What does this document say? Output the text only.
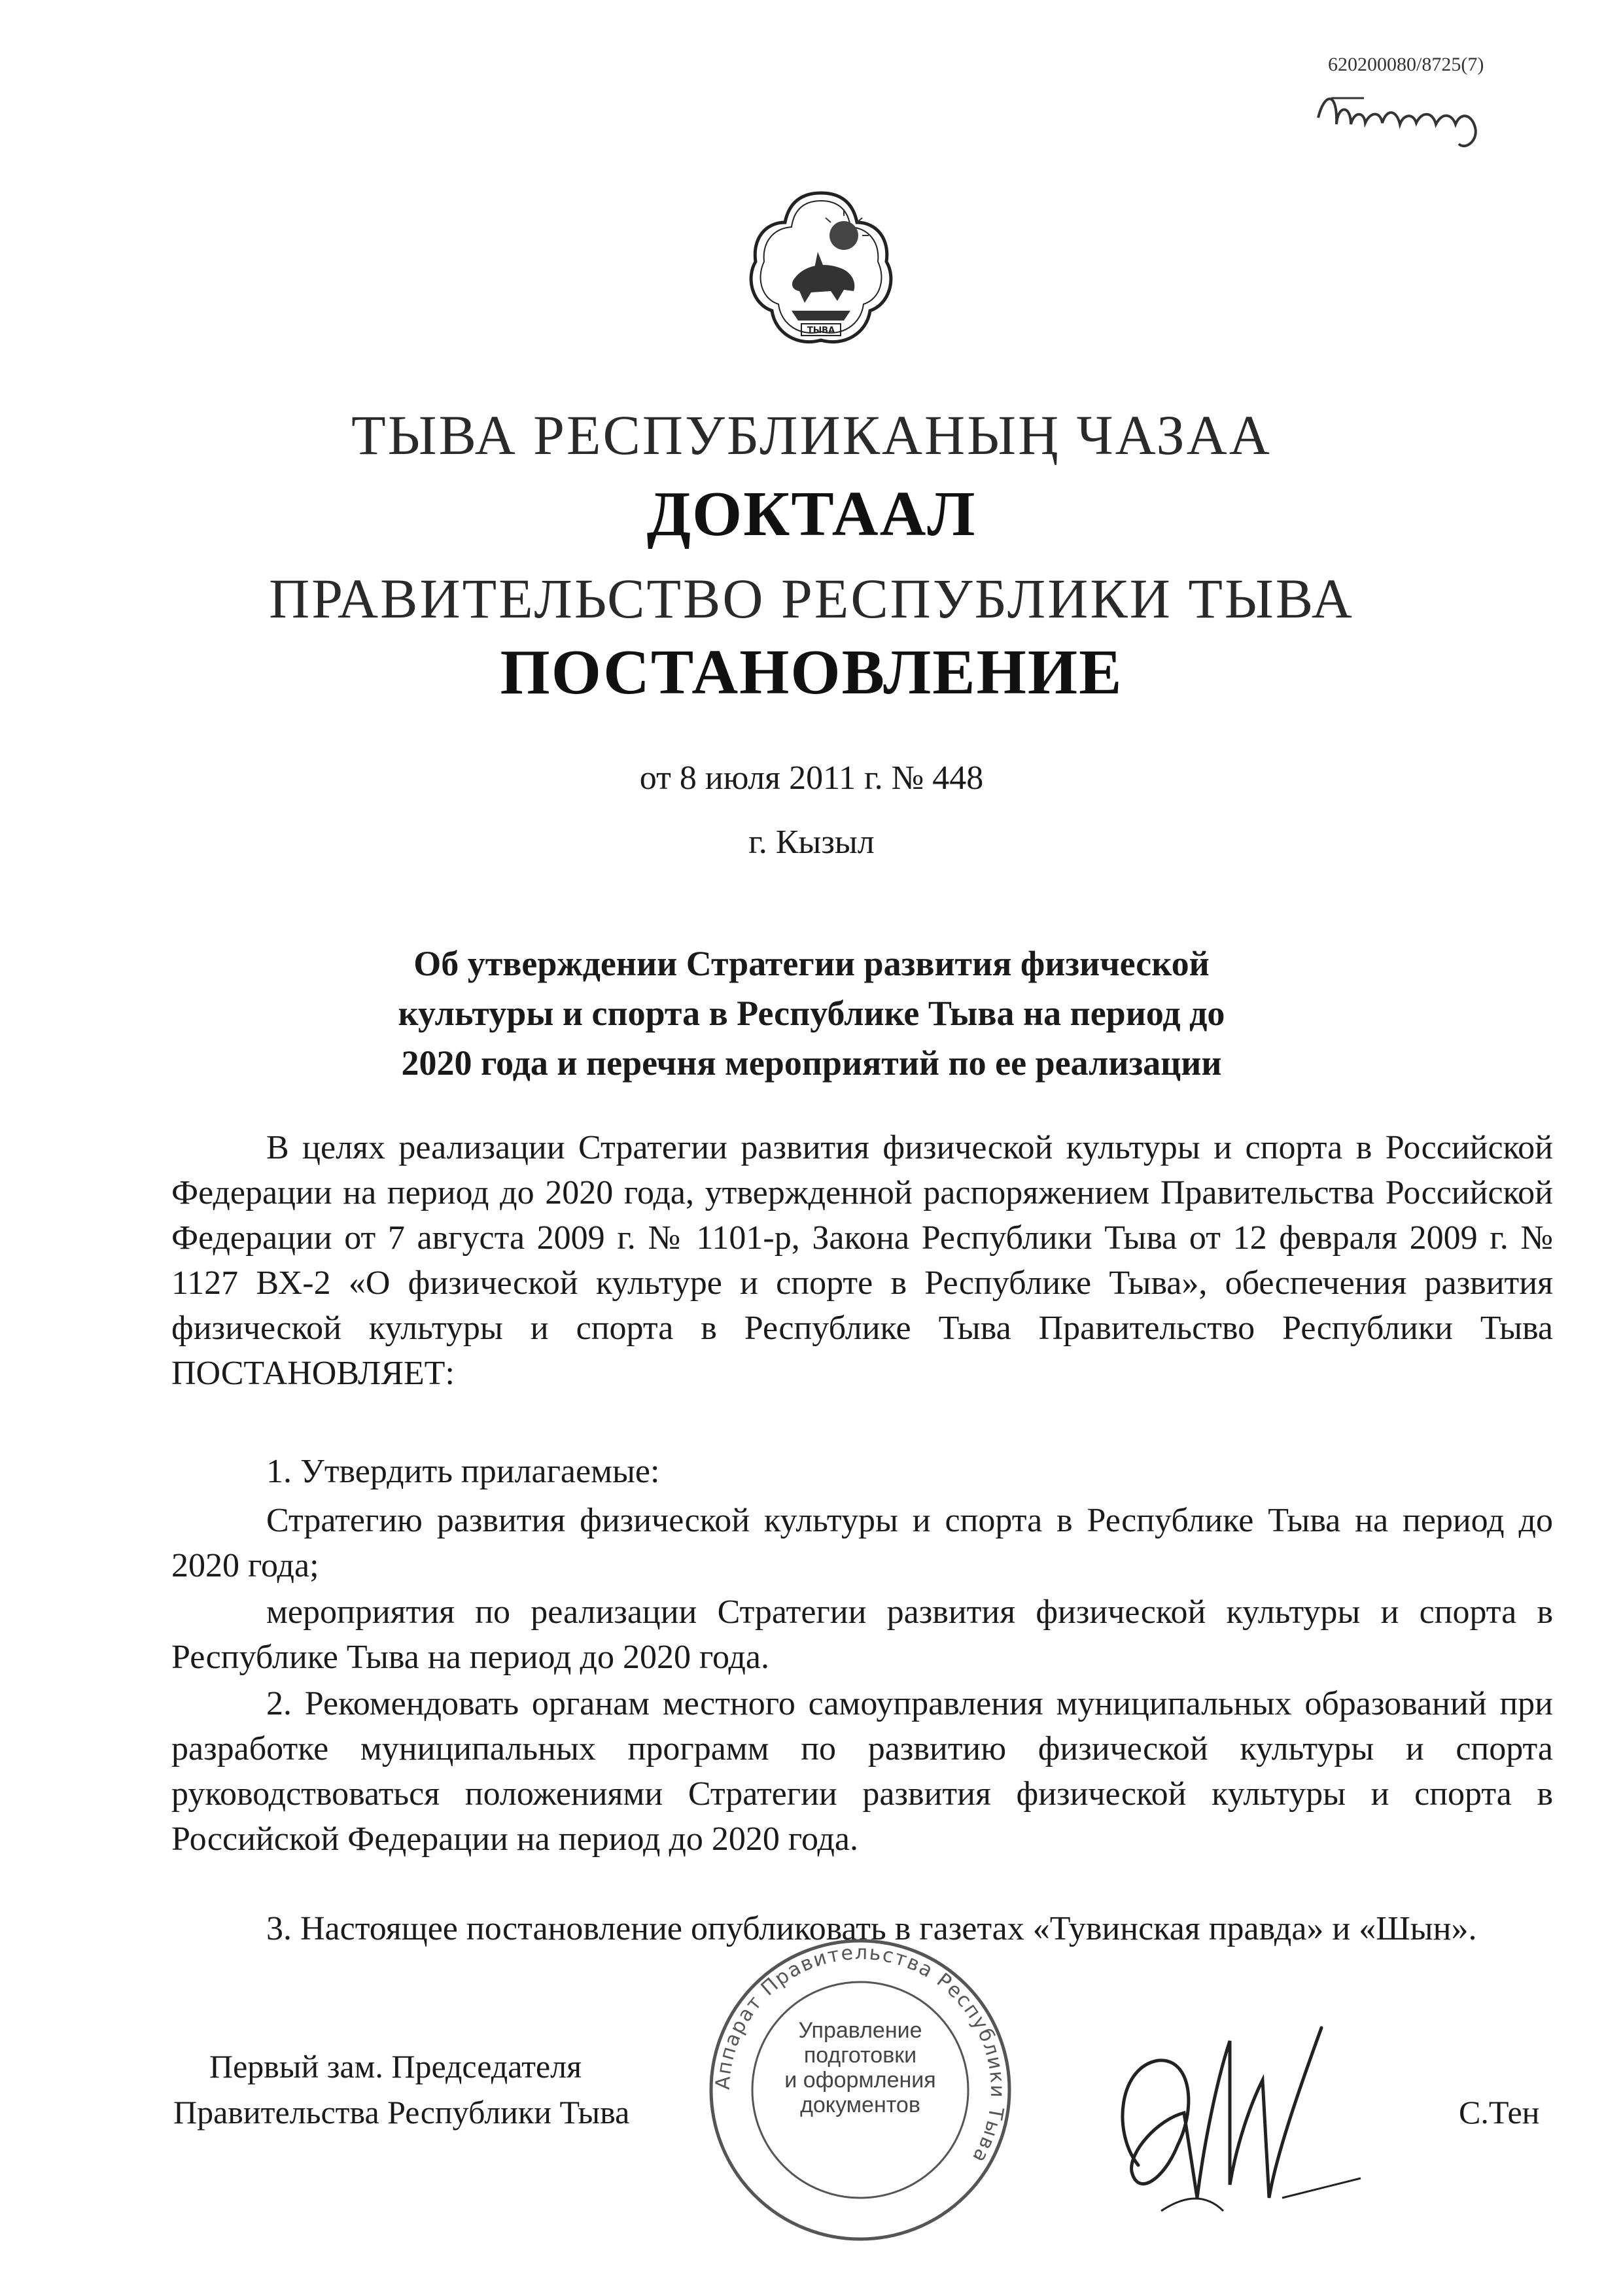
620200080/8725(7)
ТЫВА
ТЫВА РЕСПУБЛИКАНЫҢ ЧАЗАА
ДОКТААЛ
ПРАВИТЕЛЬСТВО РЕСПУБЛИКИ ТЫВА
ПОСТАНОВЛЕНИЕ
от 8 июля 2011 г. № 448
г. Кызыл
Об утверждении Стратегии развития физической
культуры и спорта в Республике Тыва на период до
2020 года и перечня мероприятий по ее реализации
В целях реализации Стратегии развития физической культуры и спорта в Российской Федерации на период до 2020 года, утвержденной распоряжением Правительства Российской Федерации от 7 августа 2009 г. № 1101-р, Закона Республики Тыва от 12 февраля 2009 г. № 1127 ВХ-2 «О физической культуре и спорте в Республике Тыва», обеспечения развития физической культуры и спорта в Республике Тыва Правительство Республики Тыва ПОСТАНОВЛЯЕТ:
1. Утвердить прилагаемые:
Стратегию развития физической культуры и спорта в Республике Тыва на период до 2020 года;
мероприятия по реализации Стратегии развития физической культуры и спорта в Республике Тыва на период до 2020 года.
2. Рекомендовать органам местного самоуправления муниципальных образований при разработке муниципальных программ по развитию физической культуры и спорта руководствоваться положениями Стратегии развития физической культуры и спорта в Российской Федерации на период до 2020 года.
3. Настоящее постановление опубликовать в газетах «Тувинская правда» и «Шын».
Аппарат Правительства Республики Тыва
Управление
подготовки
и оформления
документов
Первый зам. Председателя
Правительства Республики Тыва	С.Тен
